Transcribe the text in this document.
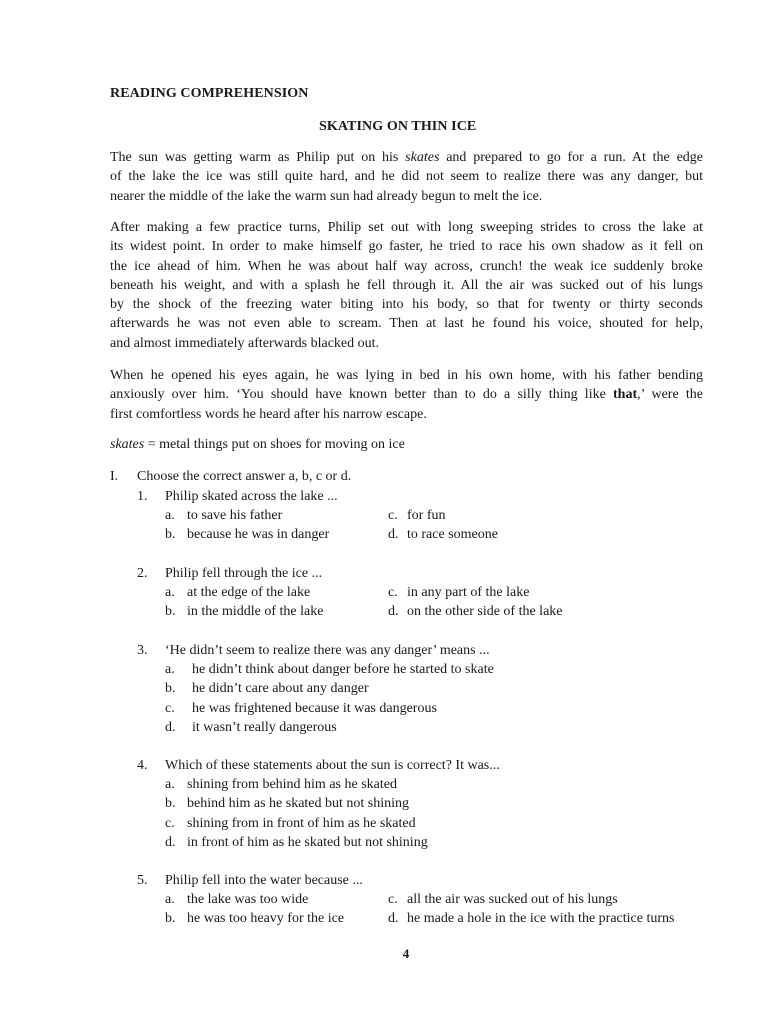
READING COMPREHENSION
SKATING ON THIN ICE
The sun was getting warm as Philip put on his skates and prepared to go for a run. At the edge
of the lake the ice was still quite hard, and he did not seem to realize there was any danger, but
nearer the middle of the lake the warm sun had already begun to melt the ice.
After making a few practice turns, Philip set out with long sweeping strides to cross the lake at
its widest point. In order to make himself go faster, he tried to race his own shadow as it fell on
the ice ahead of him. When he was about half way across, crunch! the weak ice suddenly broke
beneath his weight, and with a splash he fell through it. All the air was sucked out of his lungs
by the shock of the freezing water biting into his body, so that for twenty or thirty seconds
afterwards he was not even able to scream. Then at last he found his voice, shouted for help,
and almost immediately afterwards blacked out.
When he opened his eyes again, he was lying in bed in his own home, with his father bending
anxiously over him. ‘You should have known better than to do a silly thing like that,’ were the
first comfortless words he heard after his narrow escape.
skates = metal things put on shoes for moving on ice
I. Choose the correct answer a, b, c or d.
1. Philip skated across the lake ...
a. to save his father
b. because he was in danger
c. for fun
d. to race someone
2. Philip fell through the ice ...
a. at the edge of the lake
b. in the middle of the lake
c. in any part of the lake
d. on the other side of the lake
3. ‘He didn’t seem to realize there was any danger’ means ...
a. he didn’t think about danger before he started to skate
b. he didn’t care about any danger
c. he was frightened because it was dangerous
d. it wasn’t really dangerous
4. Which of these statements about the sun is correct? It was...
a. shining from behind him as he skated
b. behind him as he skated but not shining
c. shining from in front of him as he skated
d. in front of him as he skated but not shining
5. Philip fell into the water because ...
a. the lake was too wide
b. he was too heavy for the ice
c. all the air was sucked out of his lungs
d. he made a hole in the ice with the practice turns
4
